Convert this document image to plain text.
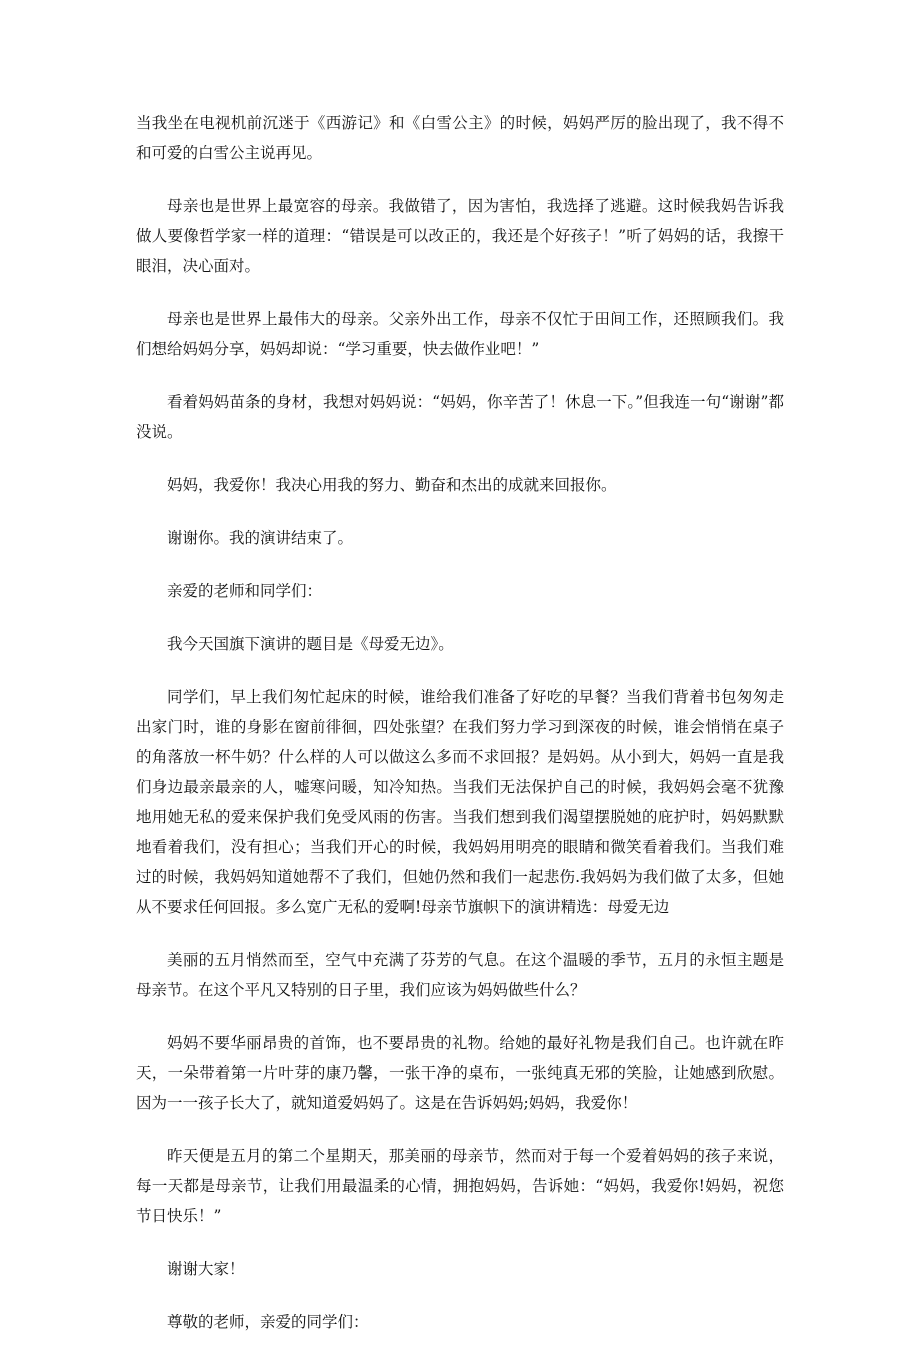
当我坐在电视机前沉迷于《西游记》和《白雪公主》的时候，妈妈严厉的脸出现了，我不得不和可爱的白雪公主说再见。

母亲也是世界上最宽容的母亲。我做错了，因为害怕，我选择了逃避。这时候我妈告诉我做人要像哲学家一样的道理：“错误是可以改正的，我还是个好孩子！”听了妈妈的话，我擦干眼泪，决心面对。

母亲也是世界上最伟大的母亲。父亲外出工作，母亲不仅忙于田间工作，还照顾我们。我们想给妈妈分享，妈妈却说：“学习重要，快去做作业吧！”

看着妈妈苗条的身材，我想对妈妈说：“妈妈，你辛苦了！休息一下。”但我连一句“谢谢”都没说。

妈妈，我爱你！我决心用我的努力、勤奋和杰出的成就来回报你。

谢谢你。我的演讲结束了。

亲爱的老师和同学们：

我今天国旗下演讲的题目是《母爱无边》。

同学们，早上我们匆忙起床的时候，谁给我们准备了好吃的早餐？当我们背着书包匆匆走出家门时，谁的身影在窗前徘徊，四处张望？在我们努力学习到深夜的时候，谁会悄悄在桌子的角落放一杯牛奶？什么样的人可以做这么多而不求回报？是妈妈。从小到大，妈妈一直是我们身边最亲最亲的人，嘘寒问暖，知冷知热。当我们无法保护自己的时候，我妈妈会毫不犹豫地用她无私的爱来保护我们免受风雨的伤害。当我们想到我们渴望摆脱她的庇护时，妈妈默默地看着我们，没有担心；当我们开心的时候，我妈妈用明亮的眼睛和微笑看着我们。当我们难过的时候，我妈妈知道她帮不了我们，但她仍然和我们一起悲伤.我妈妈为我们做了太多，但她从不要求任何回报。多么宽广无私的爱啊!母亲节旗帜下的演讲精选：母爱无边

美丽的五月悄然而至，空气中充满了芬芳的气息。在这个温暖的季节，五月的永恒主题是母亲节。在这个平凡又特别的日子里，我们应该为妈妈做些什么？

妈妈不要华丽昂贵的首饰，也不要昂贵的礼物。给她的最好礼物是我们自己。也许就在昨天，一朵带着第一片叶芽的康乃馨，一张干净的桌布，一张纯真无邪的笑脸，让她感到欣慰。因为一一孩子长大了，就知道爱妈妈了。这是在告诉妈妈;妈妈，我爱你！

昨天便是五月的第二个星期天，那美丽的母亲节，然而对于每一个爱着妈妈的孩子来说，每一天都是母亲节，让我们用最温柔的心情，拥抱妈妈，告诉她：“妈妈，我爱你!妈妈，祝您节日快乐！”

谢谢大家！

尊敬的老师，亲爱的同学们：
